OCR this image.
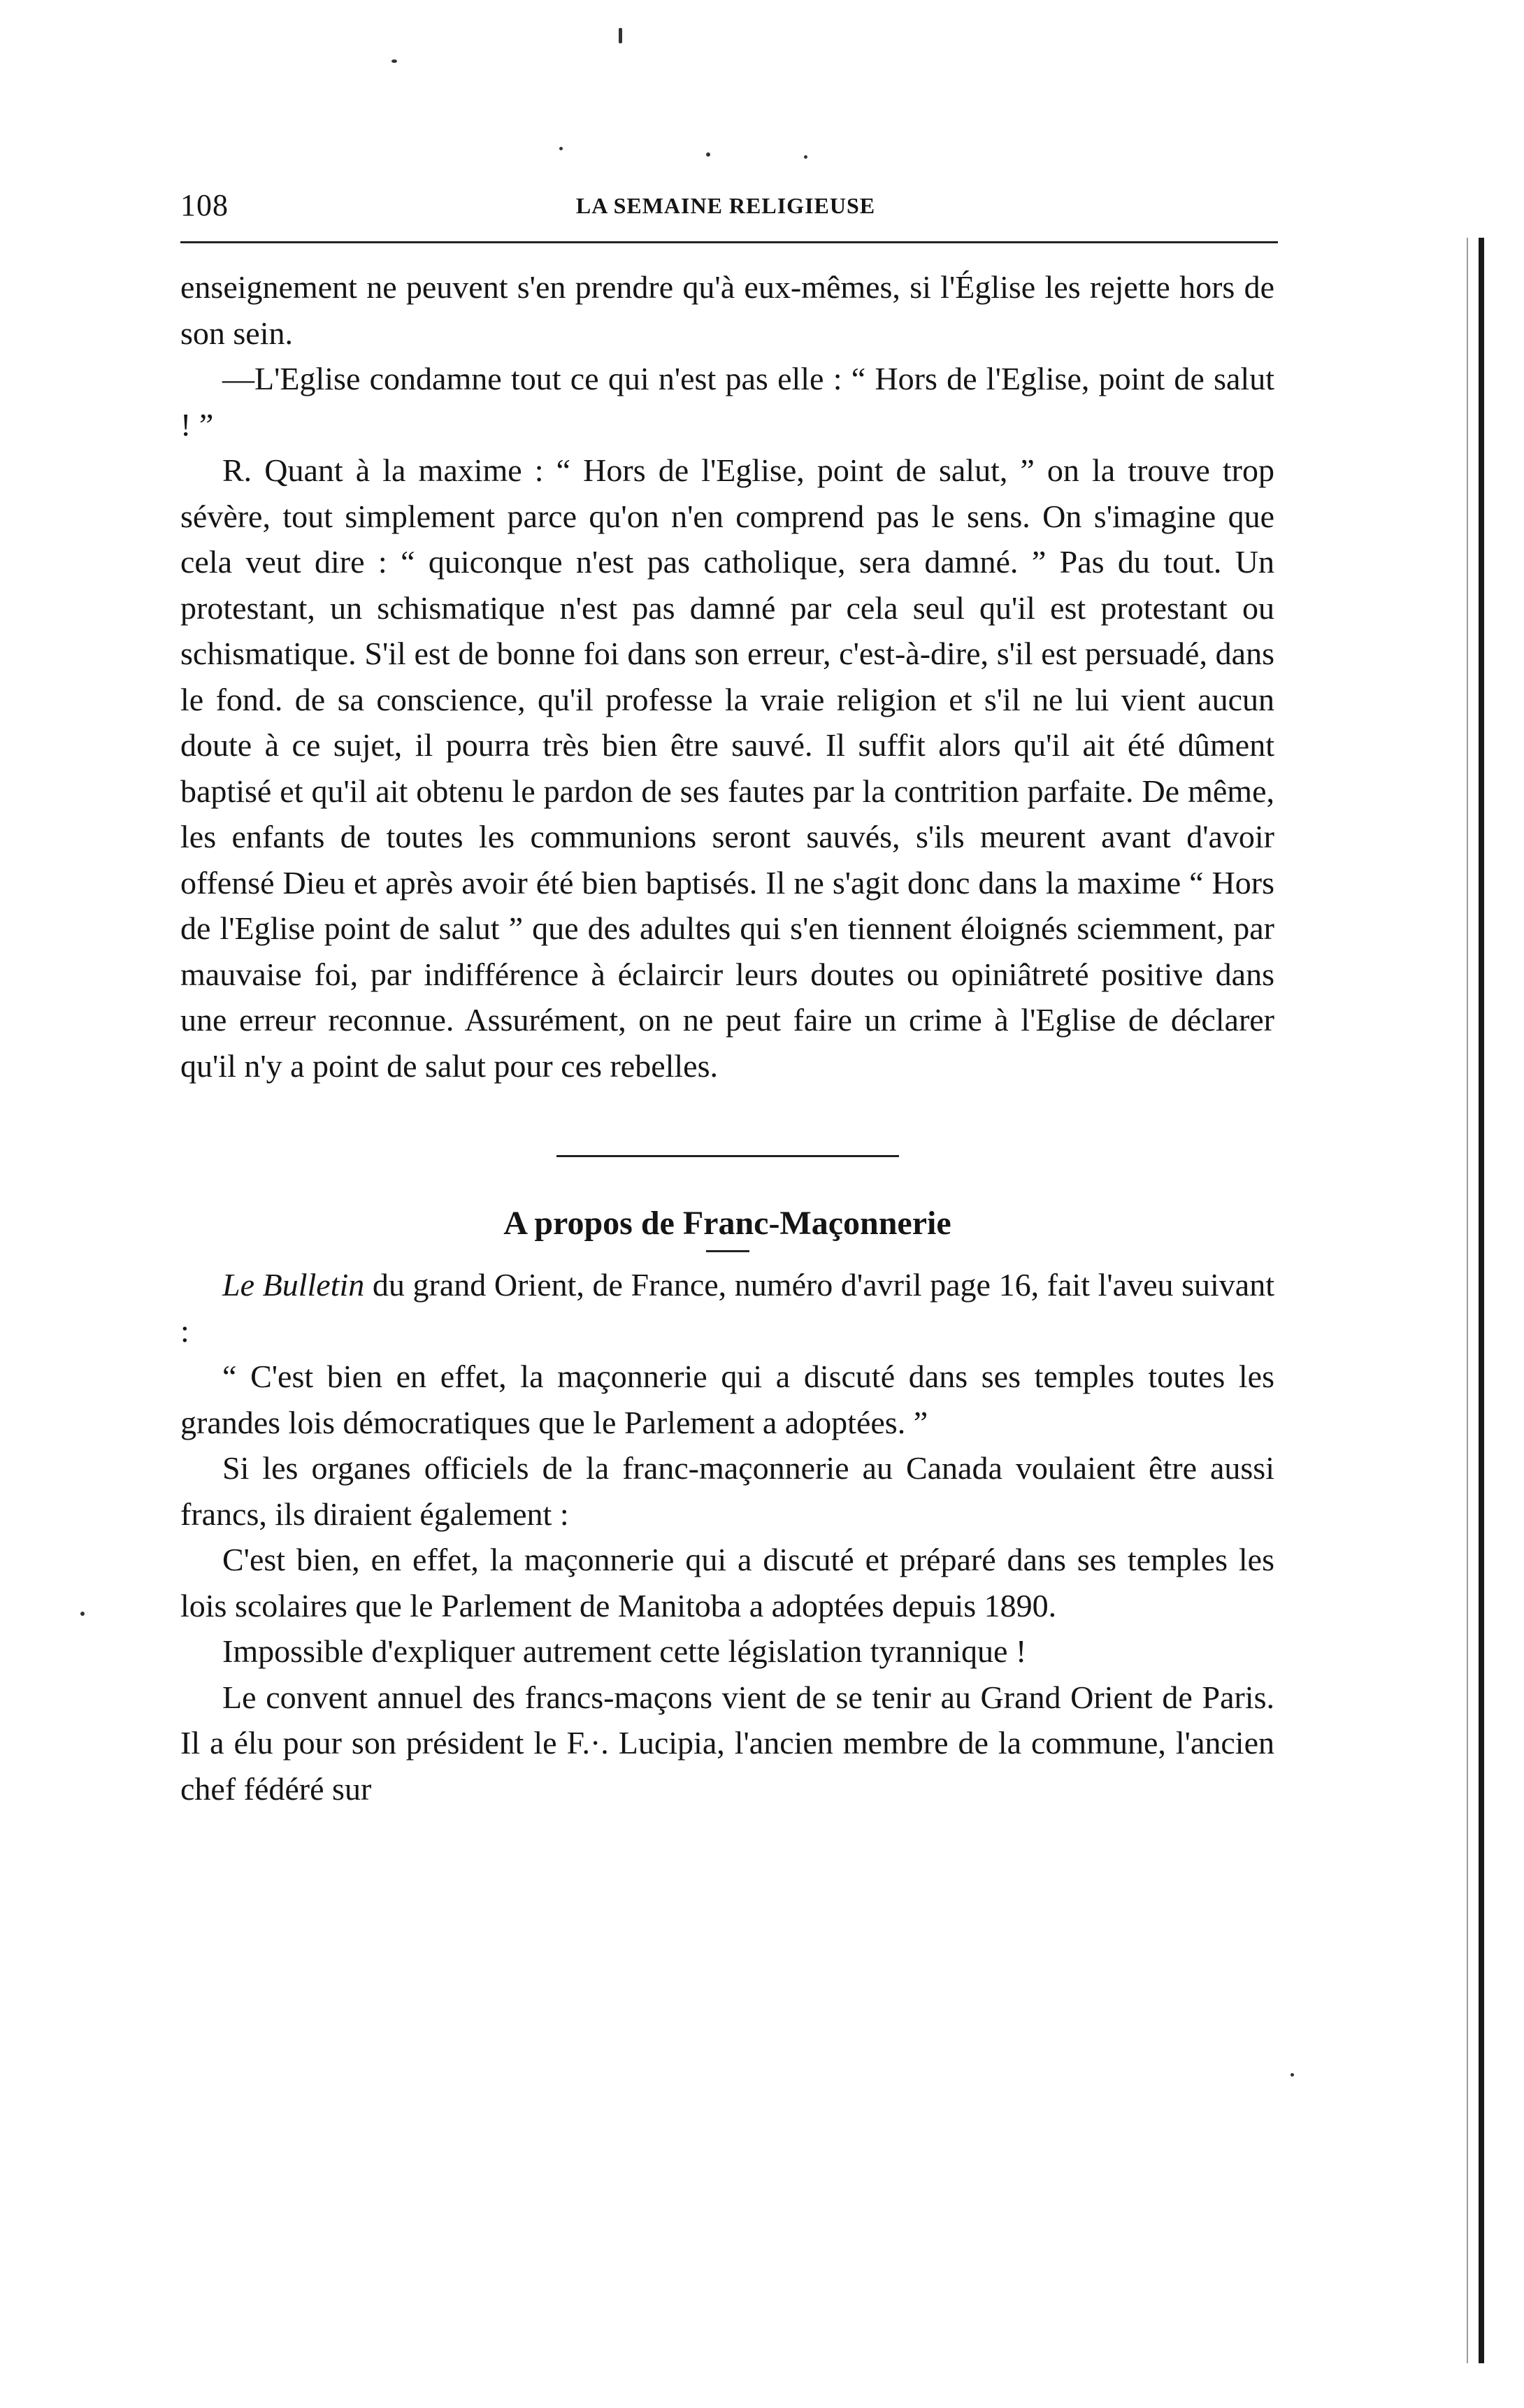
108	LA SEMAINE RELIGIEUSE

enseignement ne peuvent s'en prendre qu'à eux-mêmes, si l'Église les rejette hors de son sein.

—L'Eglise condamne tout ce qui n'est pas elle : “ Hors de l'Eglise, point de salut ! ”

R. Quant à la maxime : “ Hors de l'Eglise, point de salut, ” on la trouve trop sévère, tout simplement parce qu'on n'en comprend pas le sens. On s'imagine que cela veut dire : “ quiconque n'est pas catholique, sera damné. ” Pas du tout. Un protestant, un schismatique n'est pas damné par cela seul qu'il est protestant ou schismatique. S'il est de bonne foi dans son erreur, c'est-à-dire, s'il est persuadé, dans le fond. de sa conscience, qu'il professe la vraie religion et s'il ne lui vient aucun doute à ce sujet, il pourra très bien être sauvé. Il suffit alors qu'il ait été dûment baptisé et qu'il ait obtenu le pardon de ses fautes par la contrition parfaite. De même, les enfants de toutes les communions seront sauvés, s'ils meurent avant d'avoir offensé Dieu et après avoir été bien baptisés. Il ne s'agit donc dans la maxime “ Hors de l'Eglise point de salut ” que des adultes qui s'en tiennent éloignés sciemment, par mauvaise foi, par indifférence à éclaircir leurs doutes ou opiniâtreté positive dans une erreur reconnue. Assurément, on ne peut faire un crime à l'Eglise de déclarer qu'il n'y a point de salut pour ces rebelles.

A propos de Franc-Maçonnerie

Le Bulletin du grand Orient, de France, numéro d'avril page 16, fait l'aveu suivant :

“ C'est bien en effet, la maçonnerie qui a discuté dans ses temples toutes les grandes lois démocratiques que le Parlement a adoptées. ”

Si les organes officiels de la franc-maçonnerie au Canada voulaient être aussi francs, ils diraient également :

C'est bien, en effet, la maçonnerie qui a discuté et préparé dans ses temples les lois scolaires que le Parlement de Manitoba a adoptées depuis 1890.

Impossible d'expliquer autrement cette législation tyrannique !

Le convent annuel des francs-maçons vient de se tenir au Grand Orient de Paris. Il a élu pour son président le F.·. Lucipia, l'ancien membre de la commune, l'ancien chef fédéré sur
